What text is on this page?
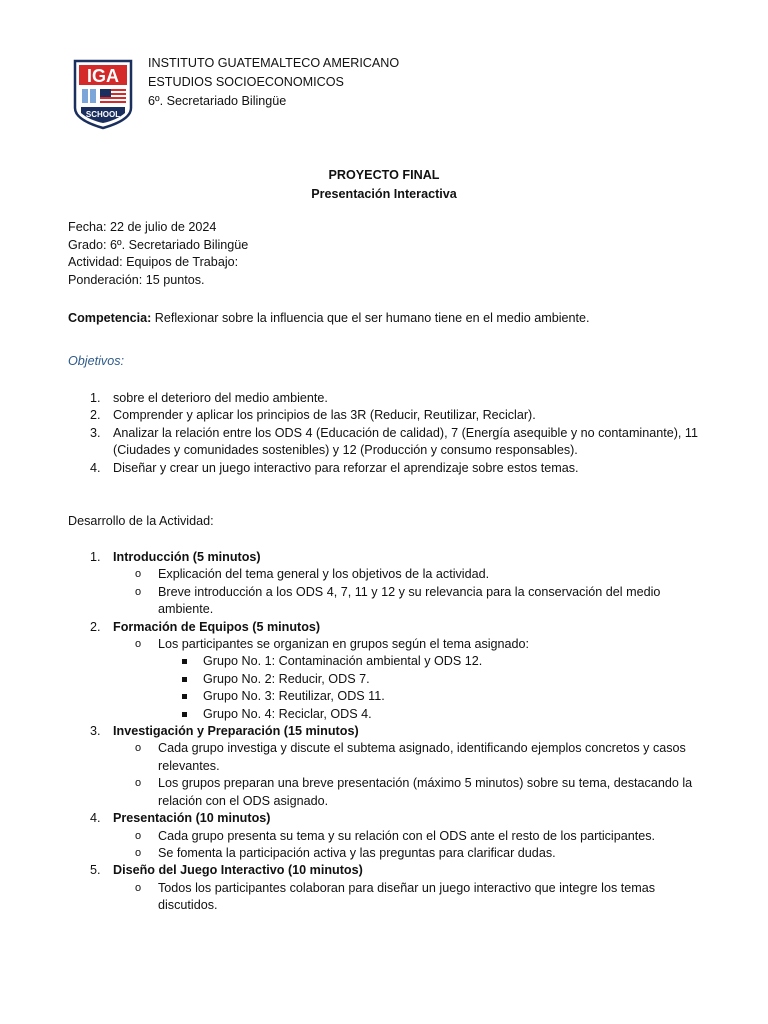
IGA
SCHOOL
INSTITUTO GUATEMALTECO AMERICANO
ESTUDIOS SOCIOECONOMICOS
6º. Secretariado Bilingüe
PROYECTO FINAL
Presentación Interactiva
Fecha: 22 de julio de 2024
Grado: 6º. Secretariado Bilingüe
Actividad: Equipos de Trabajo:
Ponderación: 15 puntos.
Competencia: Reflexionar sobre la influencia que el ser humano tiene en el medio ambiente.
Objetivos:
1. sobre el deterioro del medio ambiente.
2. Comprender y aplicar los principios de las 3R (Reducir, Reutilizar, Reciclar).
3. Analizar la relación entre los ODS 4 (Educación de calidad), 7 (Energía asequible y no contaminante), 11 (Ciudades y comunidades sostenibles) y 12 (Producción y consumo responsables).
4. Diseñar y crear un juego interactivo para reforzar el aprendizaje sobre estos temas.
Desarrollo de la Actividad:
1. Introducción (5 minutos)
o Explicación del tema general y los objetivos de la actividad.
o Breve introducción a los ODS 4, 7, 11 y 12 y su relevancia para la conservación del medio ambiente.
2. Formación de Equipos (5 minutos)
o Los participantes se organizan en grupos según el tema asignado:
Grupo No. 1: Contaminación ambiental y ODS 12.
Grupo No. 2: Reducir, ODS 7.
Grupo No. 3: Reutilizar, ODS 11.
Grupo No. 4: Reciclar, ODS 4.
3. Investigación y Preparación (15 minutos)
o Cada grupo investiga y discute el subtema asignado, identificando ejemplos concretos y casos relevantes.
o Los grupos preparan una breve presentación (máximo 5 minutos) sobre su tema, destacando la relación con el ODS asignado.
4. Presentación (10 minutos)
o Cada grupo presenta su tema y su relación con el ODS ante el resto de los participantes.
o Se fomenta la participación activa y las preguntas para clarificar dudas.
5. Diseño del Juego Interactivo (10 minutos)
o Todos los participantes colaboran para diseñar un juego interactivo que integre los temas discutidos.
